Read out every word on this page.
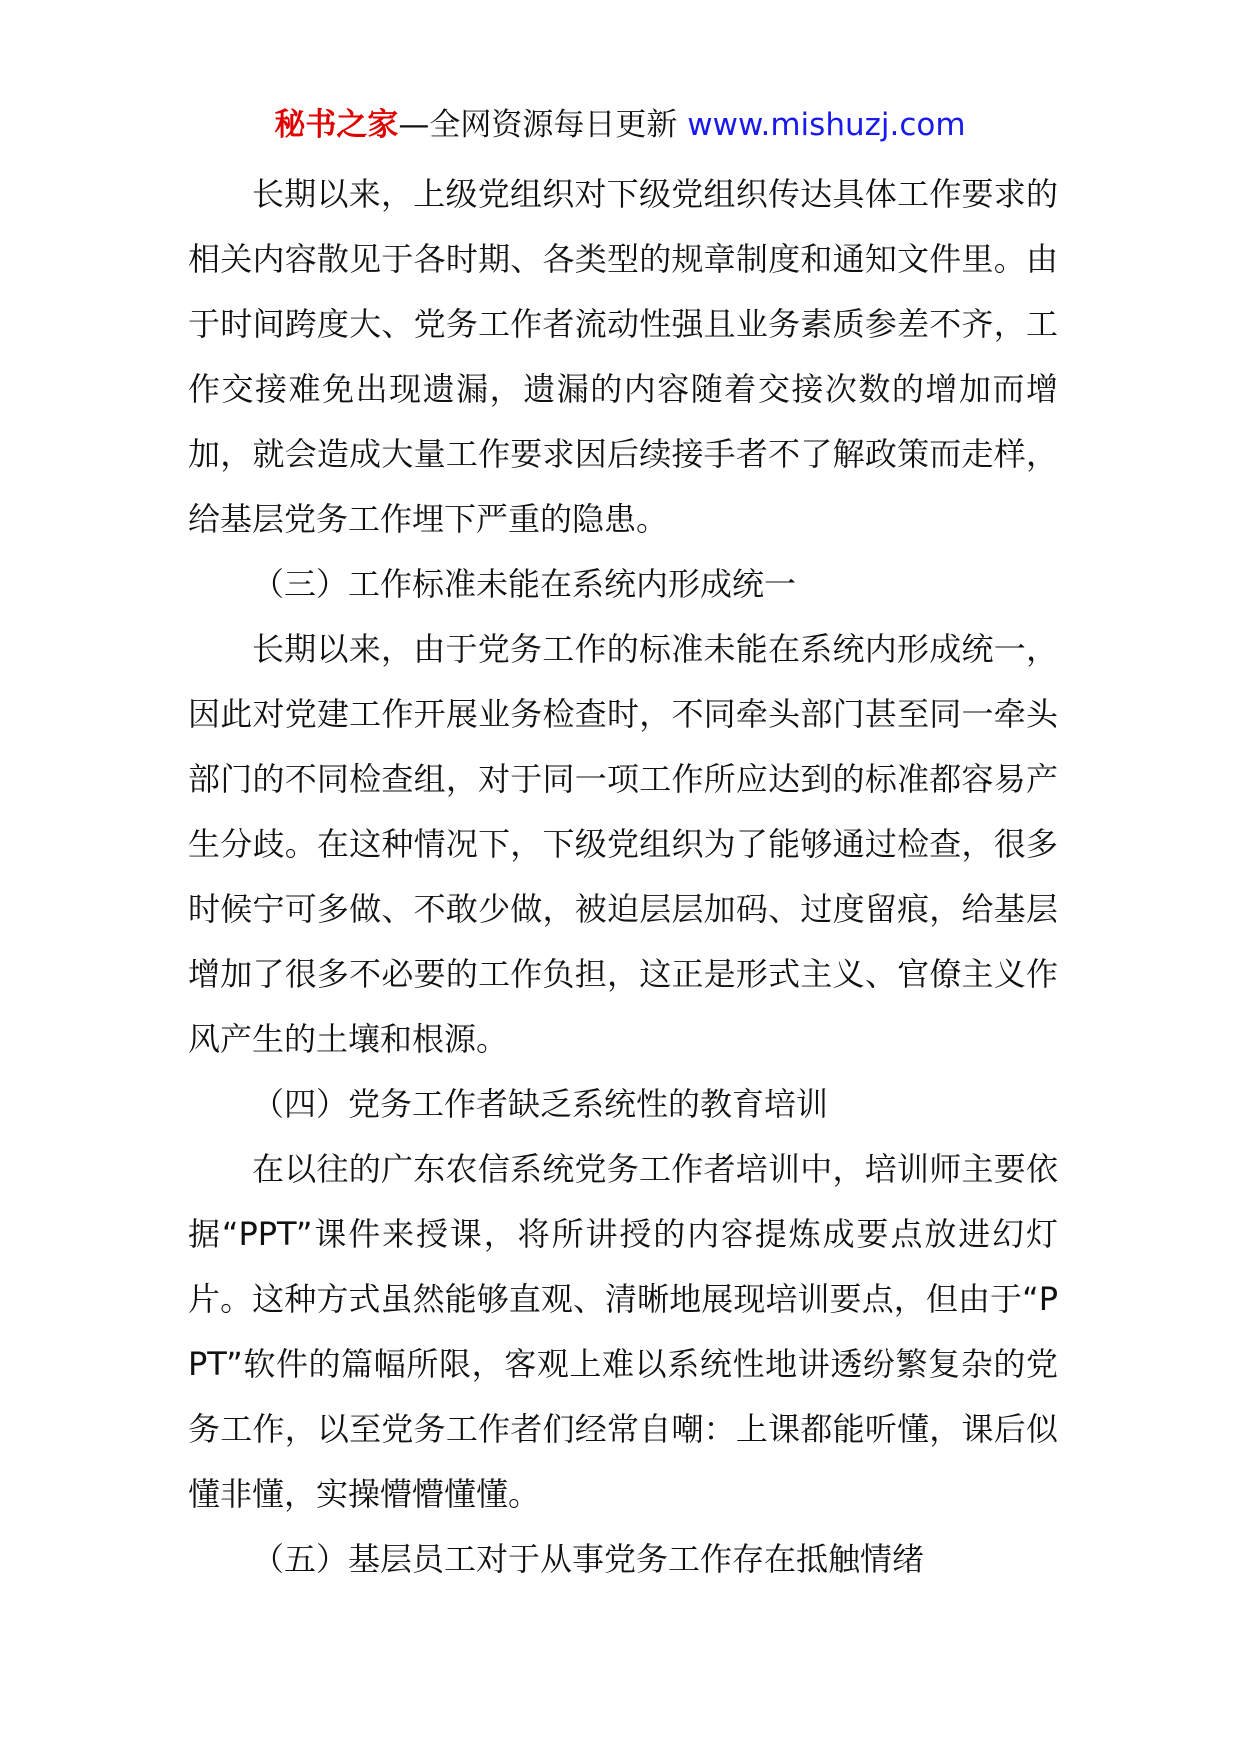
秘书之家—全网资源每日更新 www.mishuzj.com

长期以来，上级党组织对下级党组织传达具体工作要求的相关内容散见于各时期、各类型的规章制度和通知文件里。由于时间跨度大、党务工作者流动性强且业务素质参差不齐，工作交接难免出现遗漏，遗漏的内容随着交接次数的增加而增加，就会造成大量工作要求因后续接手者不了解政策而走样，给基层党务工作埋下严重的隐患。

（三）工作标准未能在系统内形成统一

长期以来，由于党务工作的标准未能在系统内形成统一，因此对党建工作开展业务检查时，不同牵头部门甚至同一牵头部门的不同检查组，对于同一项工作所应达到的标准都容易产生分歧。在这种情况下，下级党组织为了能够通过检查，很多时候宁可多做、不敢少做，被迫层层加码、过度留痕，给基层增加了很多不必要的工作负担，这正是形式主义、官僚主义作风产生的土壤和根源。

（四）党务工作者缺乏系统性的教育培训

在以往的广东农信系统党务工作者培训中，培训师主要依据“PPT”课件来授课，将所讲授的内容提炼成要点放进幻灯片。这种方式虽然能够直观、清晰地展现培训要点，但由于“PPT”软件的篇幅所限，客观上难以系统性地讲透纷繁复杂的党务工作，以至党务工作者们经常自嘲：上课都能听懂，课后似懂非懂，实操懵懵懂懂。

（五）基层员工对于从事党务工作存在抵触情绪
